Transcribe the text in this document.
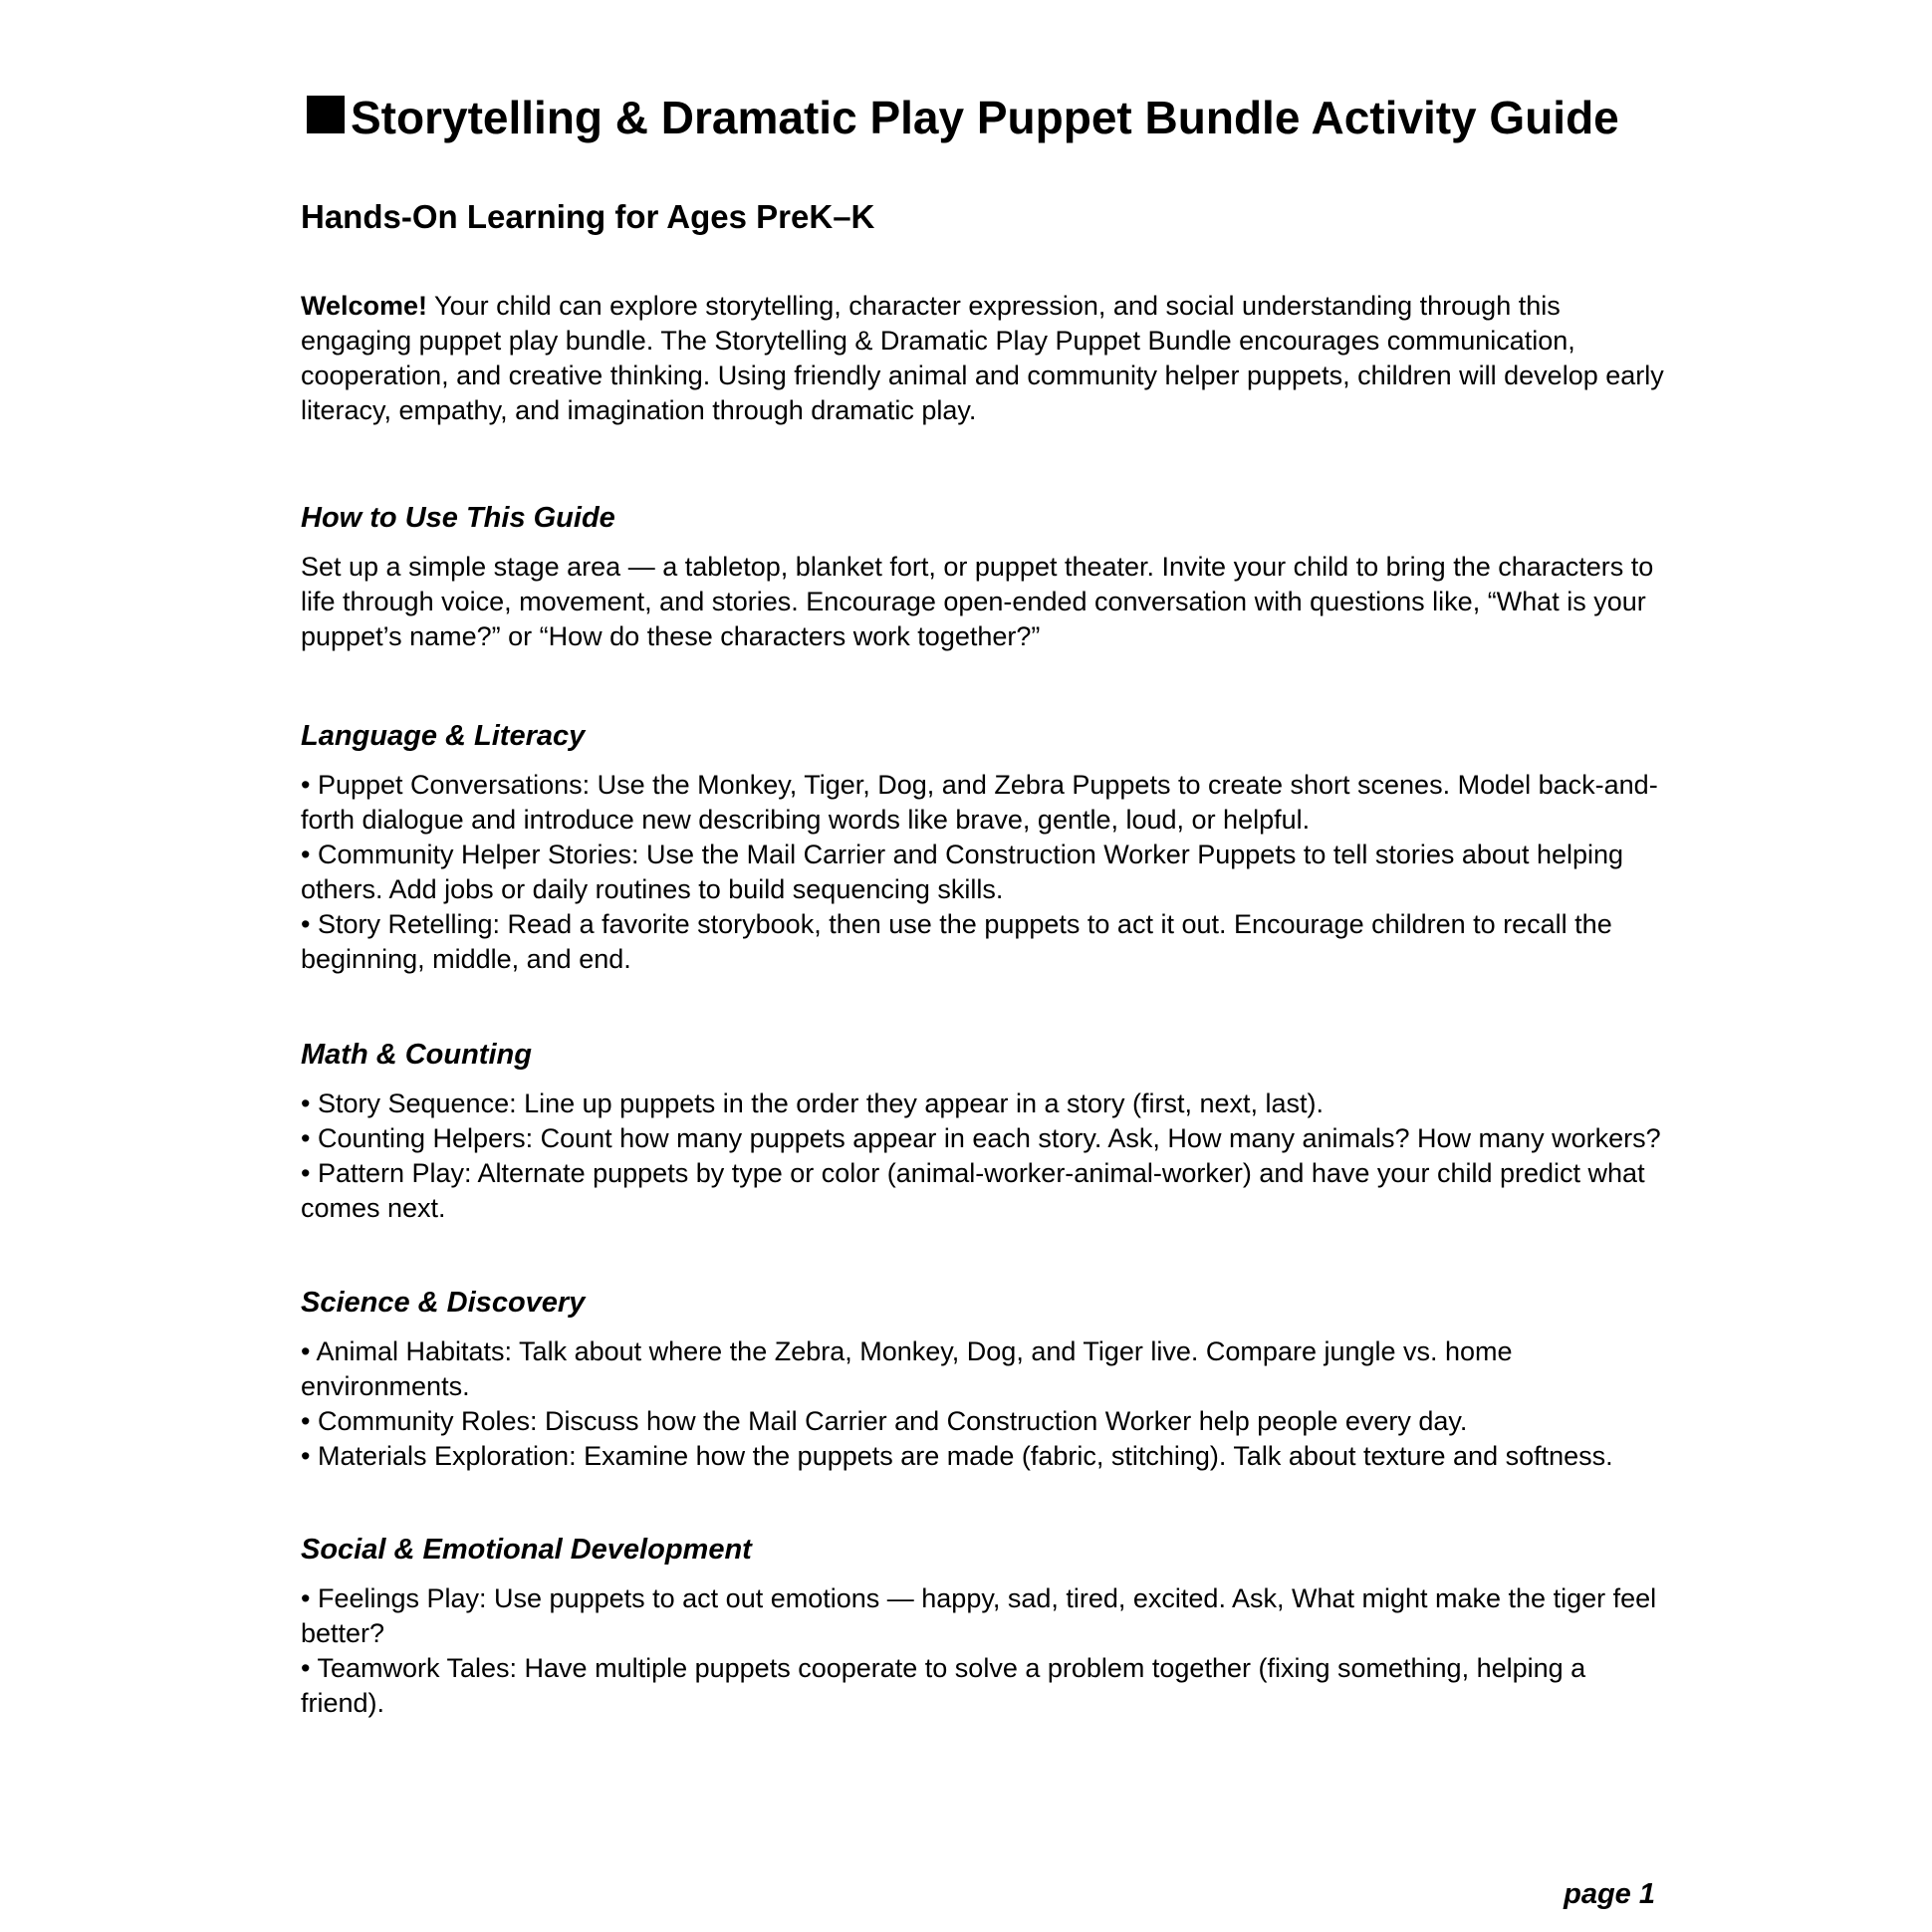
Storytelling & Dramatic Play Puppet Bundle Activity Guide
Hands-On Learning for Ages PreK–K

Welcome! Your child can explore storytelling, character expression, and social understanding through this engaging puppet play bundle. The Storytelling & Dramatic Play Puppet Bundle encourages communication, cooperation, and creative thinking. Using friendly animal and community helper puppets, children will develop early literacy, empathy, and imagination through dramatic play.

How to Use This Guide

Set up a simple stage area — a tabletop, blanket fort, or puppet theater. Invite your child to bring the characters to life through voice, movement, and stories. Encourage open-ended conversation with questions like, “What is your puppet’s name?” or “How do these characters work together?”

Language & Literacy
• Puppet Conversations: Use the Monkey, Tiger, Dog, and Zebra Puppets to create short scenes. Model back-and-forth dialogue and introduce new describing words like brave, gentle, loud, or helpful.
• Community Helper Stories: Use the Mail Carrier and Construction Worker Puppets to tell stories about helping others. Add jobs or daily routines to build sequencing skills.
• Story Retelling: Read a favorite storybook, then use the puppets to act it out. Encourage children to recall the beginning, middle, and end.
Math & Counting
• Story Sequence: Line up puppets in the order they appear in a story (first, next, last).
• Counting Helpers: Count how many puppets appear in each story. Ask, How many animals? How many workers?
• Pattern Play: Alternate puppets by type or color (animal-worker-animal-worker) and have your child predict what comes next.
Science & Discovery
• Animal Habitats: Talk about where the Zebra, Monkey, Dog, and Tiger live. Compare jungle vs. home environments.
• Community Roles: Discuss how the Mail Carrier and Construction Worker help people every day.
• Materials Exploration: Examine how the puppets are made (fabric, stitching). Talk about texture and softness.
Social & Emotional Development
• Feelings Play: Use puppets to act out emotions — happy, sad, tired, excited. Ask, What might make the tiger feel better?
• Teamwork Tales: Have multiple puppets cooperate to solve a problem together (fixing something, helping a friend).
page 1
